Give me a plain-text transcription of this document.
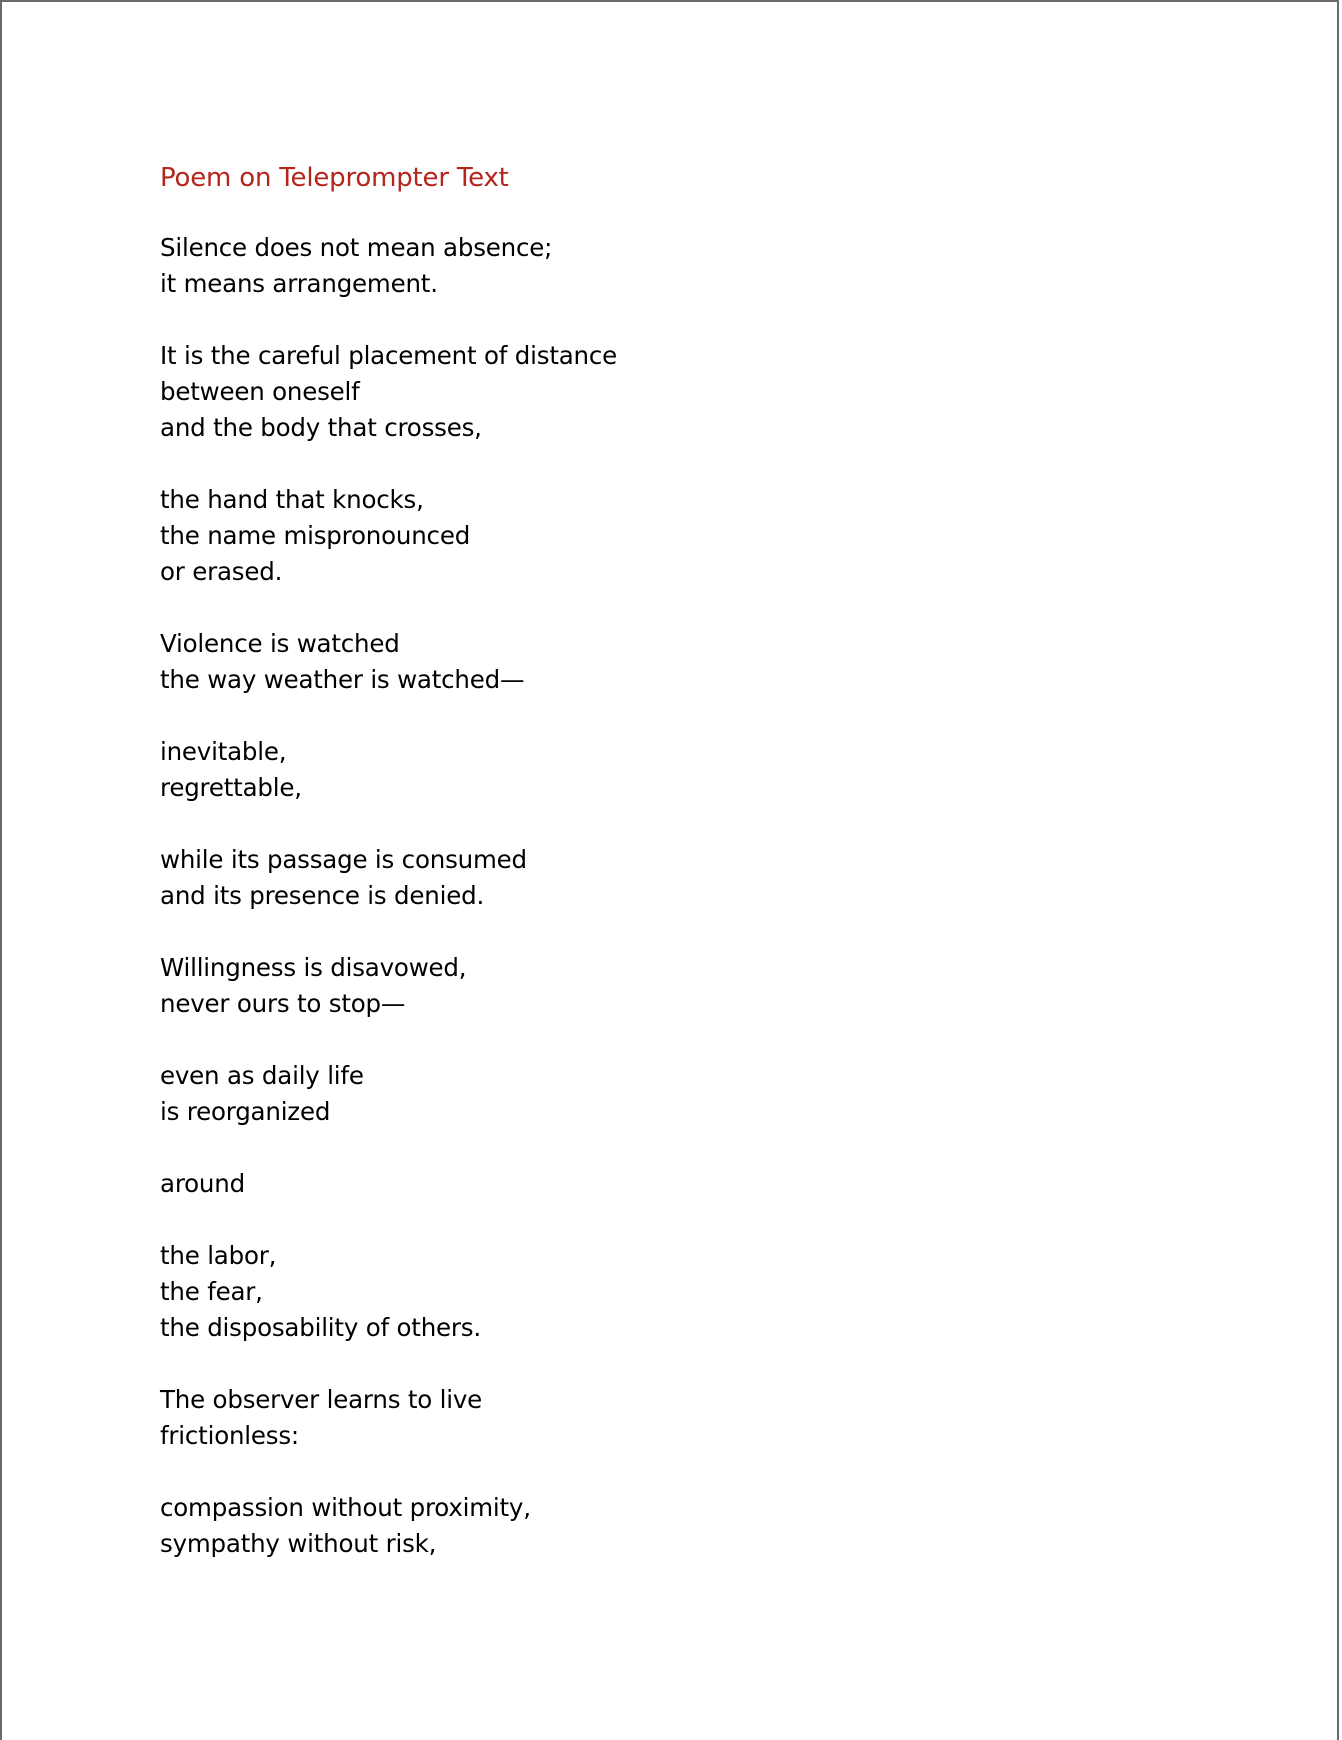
Poem on Teleprompter Text
Silence does not mean absence;
it means arrangement.
It is the careful placement of distance
between oneself
and the body that crosses,
the hand that knocks,
the name mispronounced
or erased.
Violence is watched
the way weather is watched—
inevitable,
regrettable,
while its passage is consumed
and its presence is denied.
Willingness is disavowed,
never ours to stop—
even as daily life
is reorganized
around
the labor,
the fear,
the disposability of others.
The observer learns to live
frictionless:
compassion without proximity,
sympathy without risk,
